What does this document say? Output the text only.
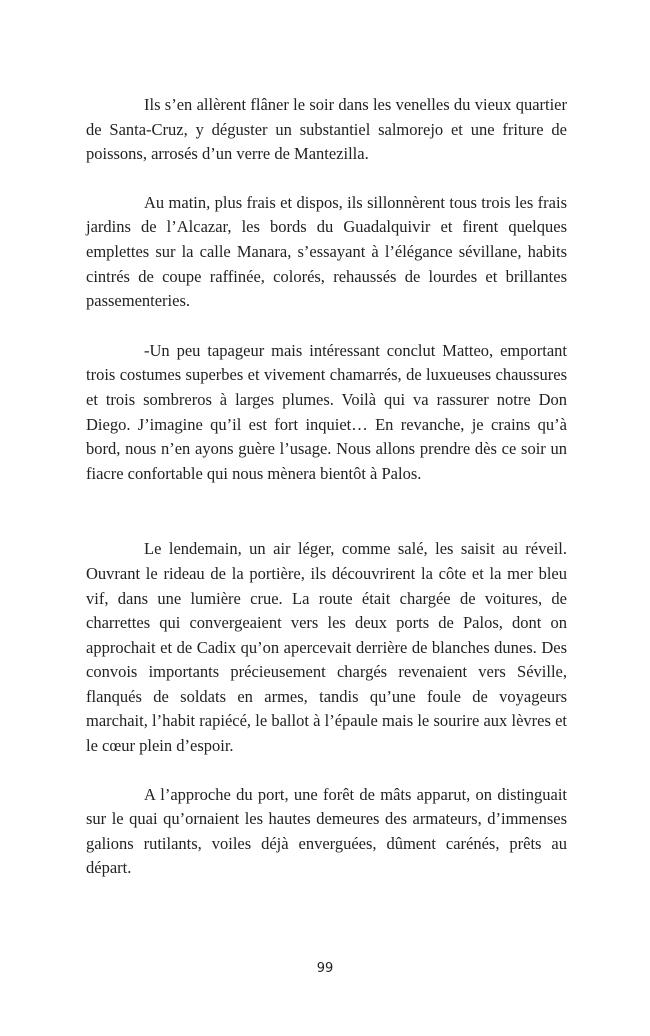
Ils s’en allèrent flâner le soir dans les venelles du vieux quartier de Santa-Cruz, y déguster un substantiel salmorejo et une friture de poissons, arrosés d’un verre de Mantezilla.

Au matin, plus frais et dispos, ils sillonnèrent tous trois les frais jardins de l’Alcazar, les bords du Guadalquivir et firent quelques emplettes sur la calle Manara, s’essayant à l’élégance sévillane, habits cintrés de coupe raffinée, colorés, rehaussés de lourdes et brillantes passementeries.

-Un peu tapageur mais intéressant conclut Matteo, emportant trois costumes superbes et vivement chamarrés, de luxueuses chaussures et trois sombreros à larges plumes. Voilà qui va rassurer notre Don Diego. J’imagine qu’il est fort inquiet… En revanche, je crains qu’à bord, nous n’en ayons guère l’usage. Nous allons prendre dès ce soir un fiacre confortable qui nous mènera bientôt à Palos.

Le lendemain, un air léger, comme salé, les saisit au réveil. Ouvrant le rideau de la portière, ils découvrirent la côte et la mer bleu vif, dans une lumière crue. La route était chargée de voitures, de charrettes qui convergeaient vers les deux ports de Palos, dont on approchait et de Cadix qu’on apercevait derrière de blanches dunes. Des convois importants précieusement chargés revenaient vers Séville, flanqués de soldats en armes, tandis qu’une foule de voyageurs marchait, l’habit rapiécé, le ballot à l’épaule mais le sourire aux lèvres et le cœur plein d’espoir.

A l’approche du port, une forêt de mâts apparut, on distinguait sur le quai qu’ornaient les hautes demeures des armateurs, d’immenses galions rutilants, voiles déjà enverguées, dûment carénés, prêts au départ.

99
